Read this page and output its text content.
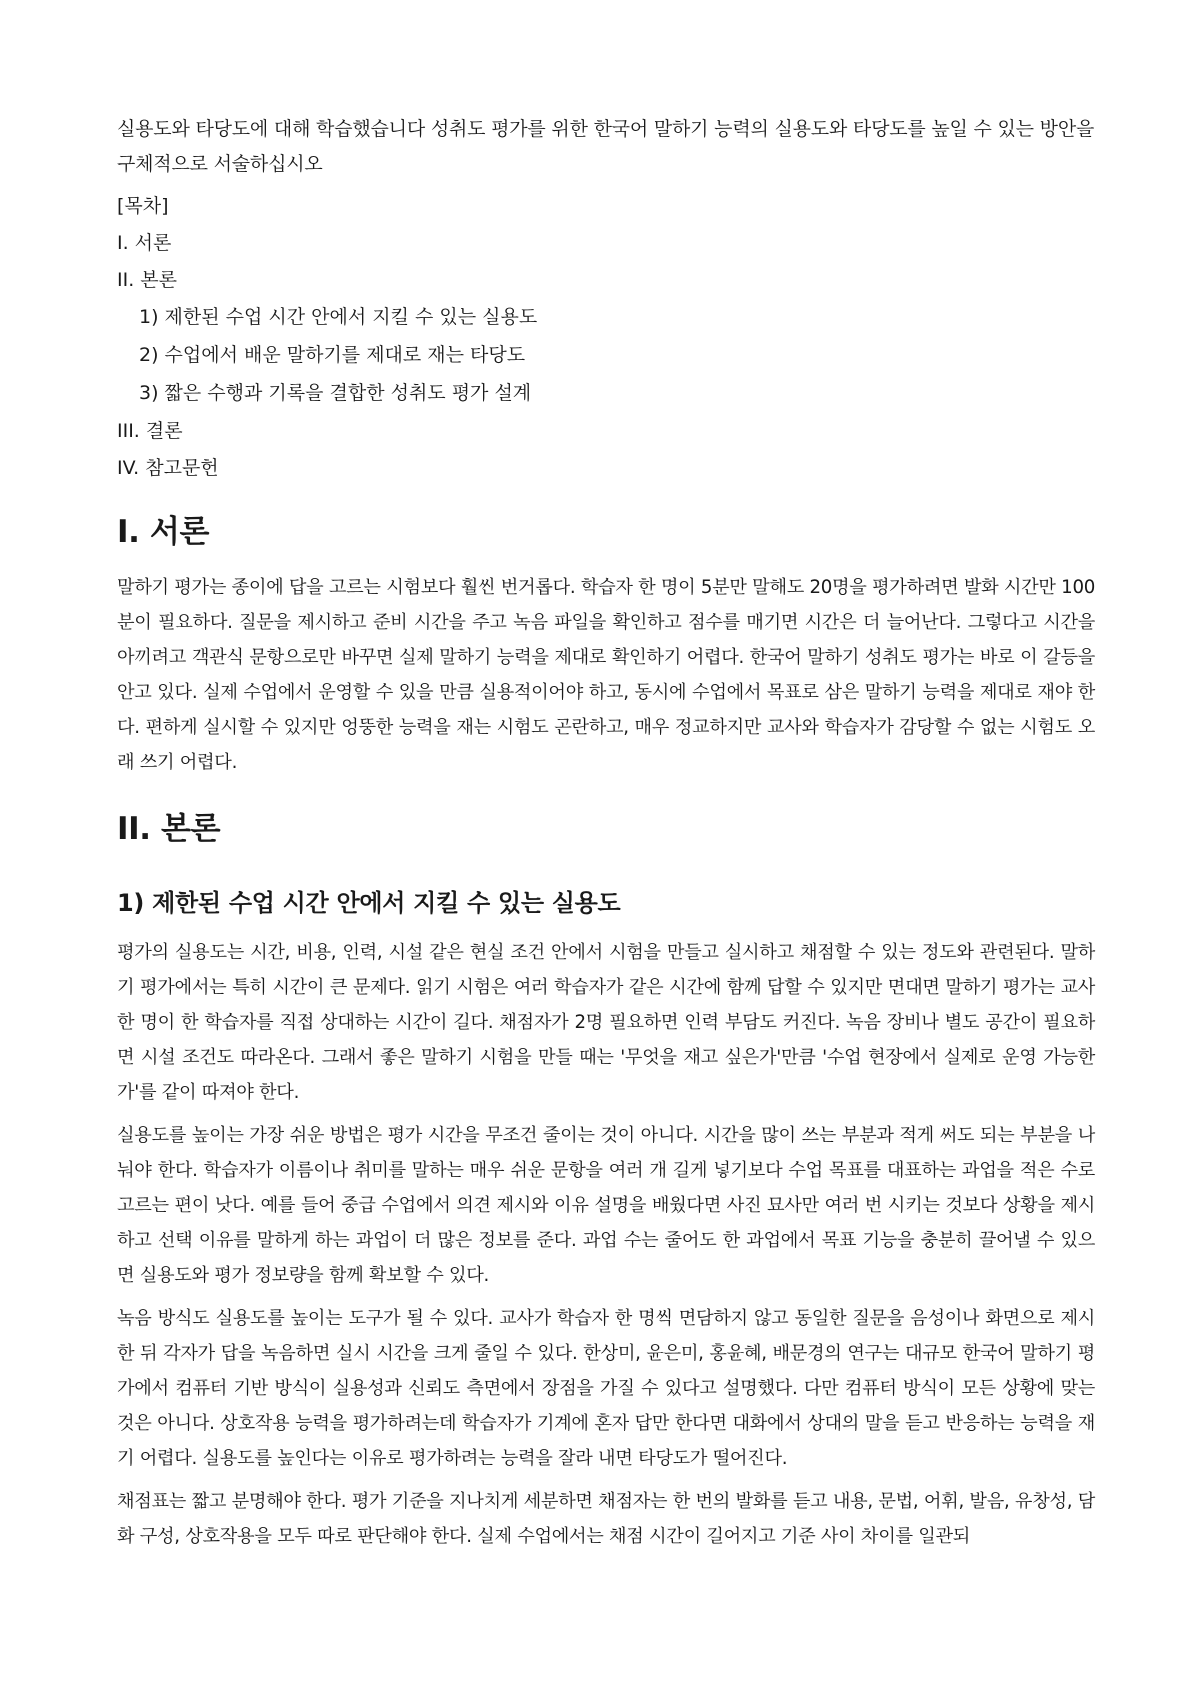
실용도와 타당도에 대해 학습했습니다 성취도 평가를 위한 한국어 말하기 능력의 실용도와 타당도를 높일 수 있는 방안을 구체적으로 서술하십시오

[목차]

I. 서론

II. 본론

1) 제한된 수업 시간 안에서 지킬 수 있는 실용도

2) 수업에서 배운 말하기를 제대로 재는 타당도

3) 짧은 수행과 기록을 결합한 성취도 평가 설계

III. 결론

IV. 참고문헌

I. 서론

말하기 평가는 종이에 답을 고르는 시험보다 훨씬 번거롭다. 학습자 한 명이 5분만 말해도 20명을 평가하려면 발화 시간만 100분이 필요하다. 질문을 제시하고 준비 시간을 주고 녹음 파일을 확인하고 점수를 매기면 시간은 더 늘어난다. 그렇다고 시간을 아끼려고 객관식 문항으로만 바꾸면 실제 말하기 능력을 제대로 확인하기 어렵다. 한국어 말하기 성취도 평가는 바로 이 갈등을 안고 있다. 실제 수업에서 운영할 수 있을 만큼 실용적이어야 하고, 동시에 수업에서 목표로 삼은 말하기 능력을 제대로 재야 한다. 편하게 실시할 수 있지만 엉뚱한 능력을 재는 시험도 곤란하고, 매우 정교하지만 교사와 학습자가 감당할 수 없는 시험도 오래 쓰기 어렵다.

II. 본론
1) 제한된 수업 시간 안에서 지킬 수 있는 실용도

평가의 실용도는 시간, 비용, 인력, 시설 같은 현실 조건 안에서 시험을 만들고 실시하고 채점할 수 있는 정도와 관련된다. 말하기 평가에서는 특히 시간이 큰 문제다. 읽기 시험은 여러 학습자가 같은 시간에 함께 답할 수 있지만 면대면 말하기 평가는 교사 한 명이 한 학습자를 직접 상대하는 시간이 길다. 채점자가 2명 필요하면 인력 부담도 커진다. 녹음 장비나 별도 공간이 필요하면 시설 조건도 따라온다. 그래서 좋은 말하기 시험을 만들 때는 '무엇을 재고 싶은가'만큼 '수업 현장에서 실제로 운영 가능한가'를 같이 따져야 한다.

실용도를 높이는 가장 쉬운 방법은 평가 시간을 무조건 줄이는 것이 아니다. 시간을 많이 쓰는 부분과 적게 써도 되는 부분을 나눠야 한다. 학습자가 이름이나 취미를 말하는 매우 쉬운 문항을 여러 개 길게 넣기보다 수업 목표를 대표하는 과업을 적은 수로 고르는 편이 낫다. 예를 들어 중급 수업에서 의견 제시와 이유 설명을 배웠다면 사진 묘사만 여러 번 시키는 것보다 상황을 제시하고 선택 이유를 말하게 하는 과업이 더 많은 정보를 준다. 과업 수는 줄어도 한 과업에서 목표 기능을 충분히 끌어낼 수 있으면 실용도와 평가 정보량을 함께 확보할 수 있다.

녹음 방식도 실용도를 높이는 도구가 될 수 있다. 교사가 학습자 한 명씩 면담하지 않고 동일한 질문을 음성이나 화면으로 제시한 뒤 각자가 답을 녹음하면 실시 시간을 크게 줄일 수 있다. 한상미, 윤은미, 홍윤혜, 배문경의 연구는 대규모 한국어 말하기 평가에서 컴퓨터 기반 방식이 실용성과 신뢰도 측면에서 장점을 가질 수 있다고 설명했다. 다만 컴퓨터 방식이 모든 상황에 맞는 것은 아니다. 상호작용 능력을 평가하려는데 학습자가 기계에 혼자 답만 한다면 대화에서 상대의 말을 듣고 반응하는 능력을 재기 어렵다. 실용도를 높인다는 이유로 평가하려는 능력을 잘라 내면 타당도가 떨어진다.

채점표는 짧고 분명해야 한다. 평가 기준을 지나치게 세분하면 채점자는 한 번의 발화를 듣고 내용, 문법, 어휘, 발음, 유창성, 담화 구성, 상호작용을 모두 따로 판단해야 한다. 실제 수업에서는 채점 시간이 길어지고 기준 사이 차이를 일관되
